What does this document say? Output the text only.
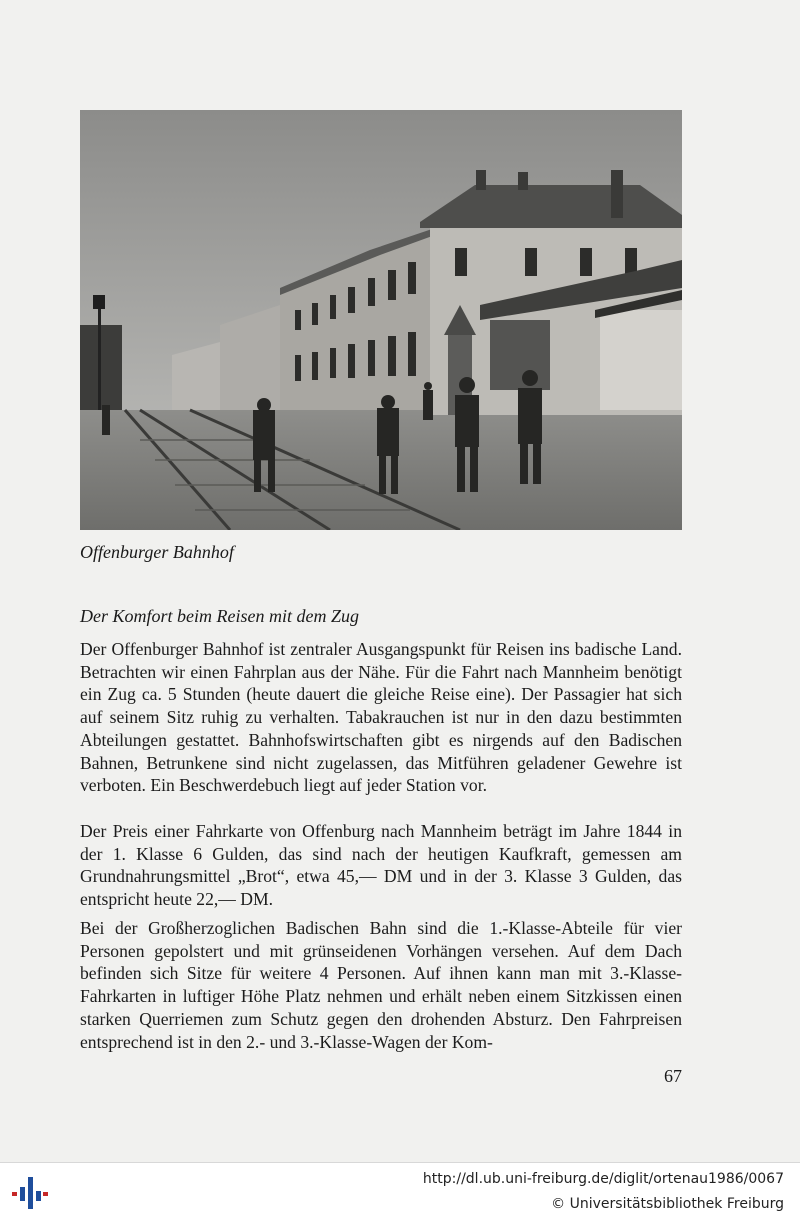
Offenburger Bahnhof
Der Komfort beim Reisen mit dem Zug

Der Offenburger Bahnhof ist zentraler Ausgangspunkt für Reisen ins badische Land. Betrachten wir einen Fahrplan aus der Nähe. Für die Fahrt nach Mannheim benötigt ein Zug ca. 5 Stunden (heute dauert die gleiche Reise eine). Der Passagier hat sich auf seinem Sitz ruhig zu verhalten. Tabakrauchen ist nur in den dazu bestimmten Abteilungen gestattet. Bahnhofswirtschaften gibt es nirgends auf den Badischen Bahnen, Betrunkene sind nicht zugelassen, das Mitführen geladener Gewehre ist verboten. Ein Beschwerdebuch liegt auf jeder Station vor.

Der Preis einer Fahrkarte von Offenburg nach Mannheim beträgt im Jahre 1844 in der 1. Klasse 6 Gulden, das sind nach der heutigen Kaufkraft, gemessen am Grundnahrungsmittel „Brot“, etwa 45,— DM und in der 3. Klasse 3 Gulden, das entspricht heute 22,— DM.

Bei der Großherzoglichen Badischen Bahn sind die 1.-Klasse-Abteile für vier Personen gepolstert und mit grünseidenen Vorhängen versehen. Auf dem Dach befinden sich Sitze für weitere 4 Personen. Auf ihnen kann man mit 3.-Klasse-Fahrkarten in luftiger Höhe Platz nehmen und erhält neben einem Sitzkissen einen starken Querriemen zum Schutz gegen den drohenden Absturz. Den Fahrpreisen entsprechend ist in den 2.- und 3.-Klasse-Wagen der Kom-

67
http://dl.ub.uni-freiburg.de/diglit/ortenau1986/0067
© Universitätsbibliothek Freiburg
